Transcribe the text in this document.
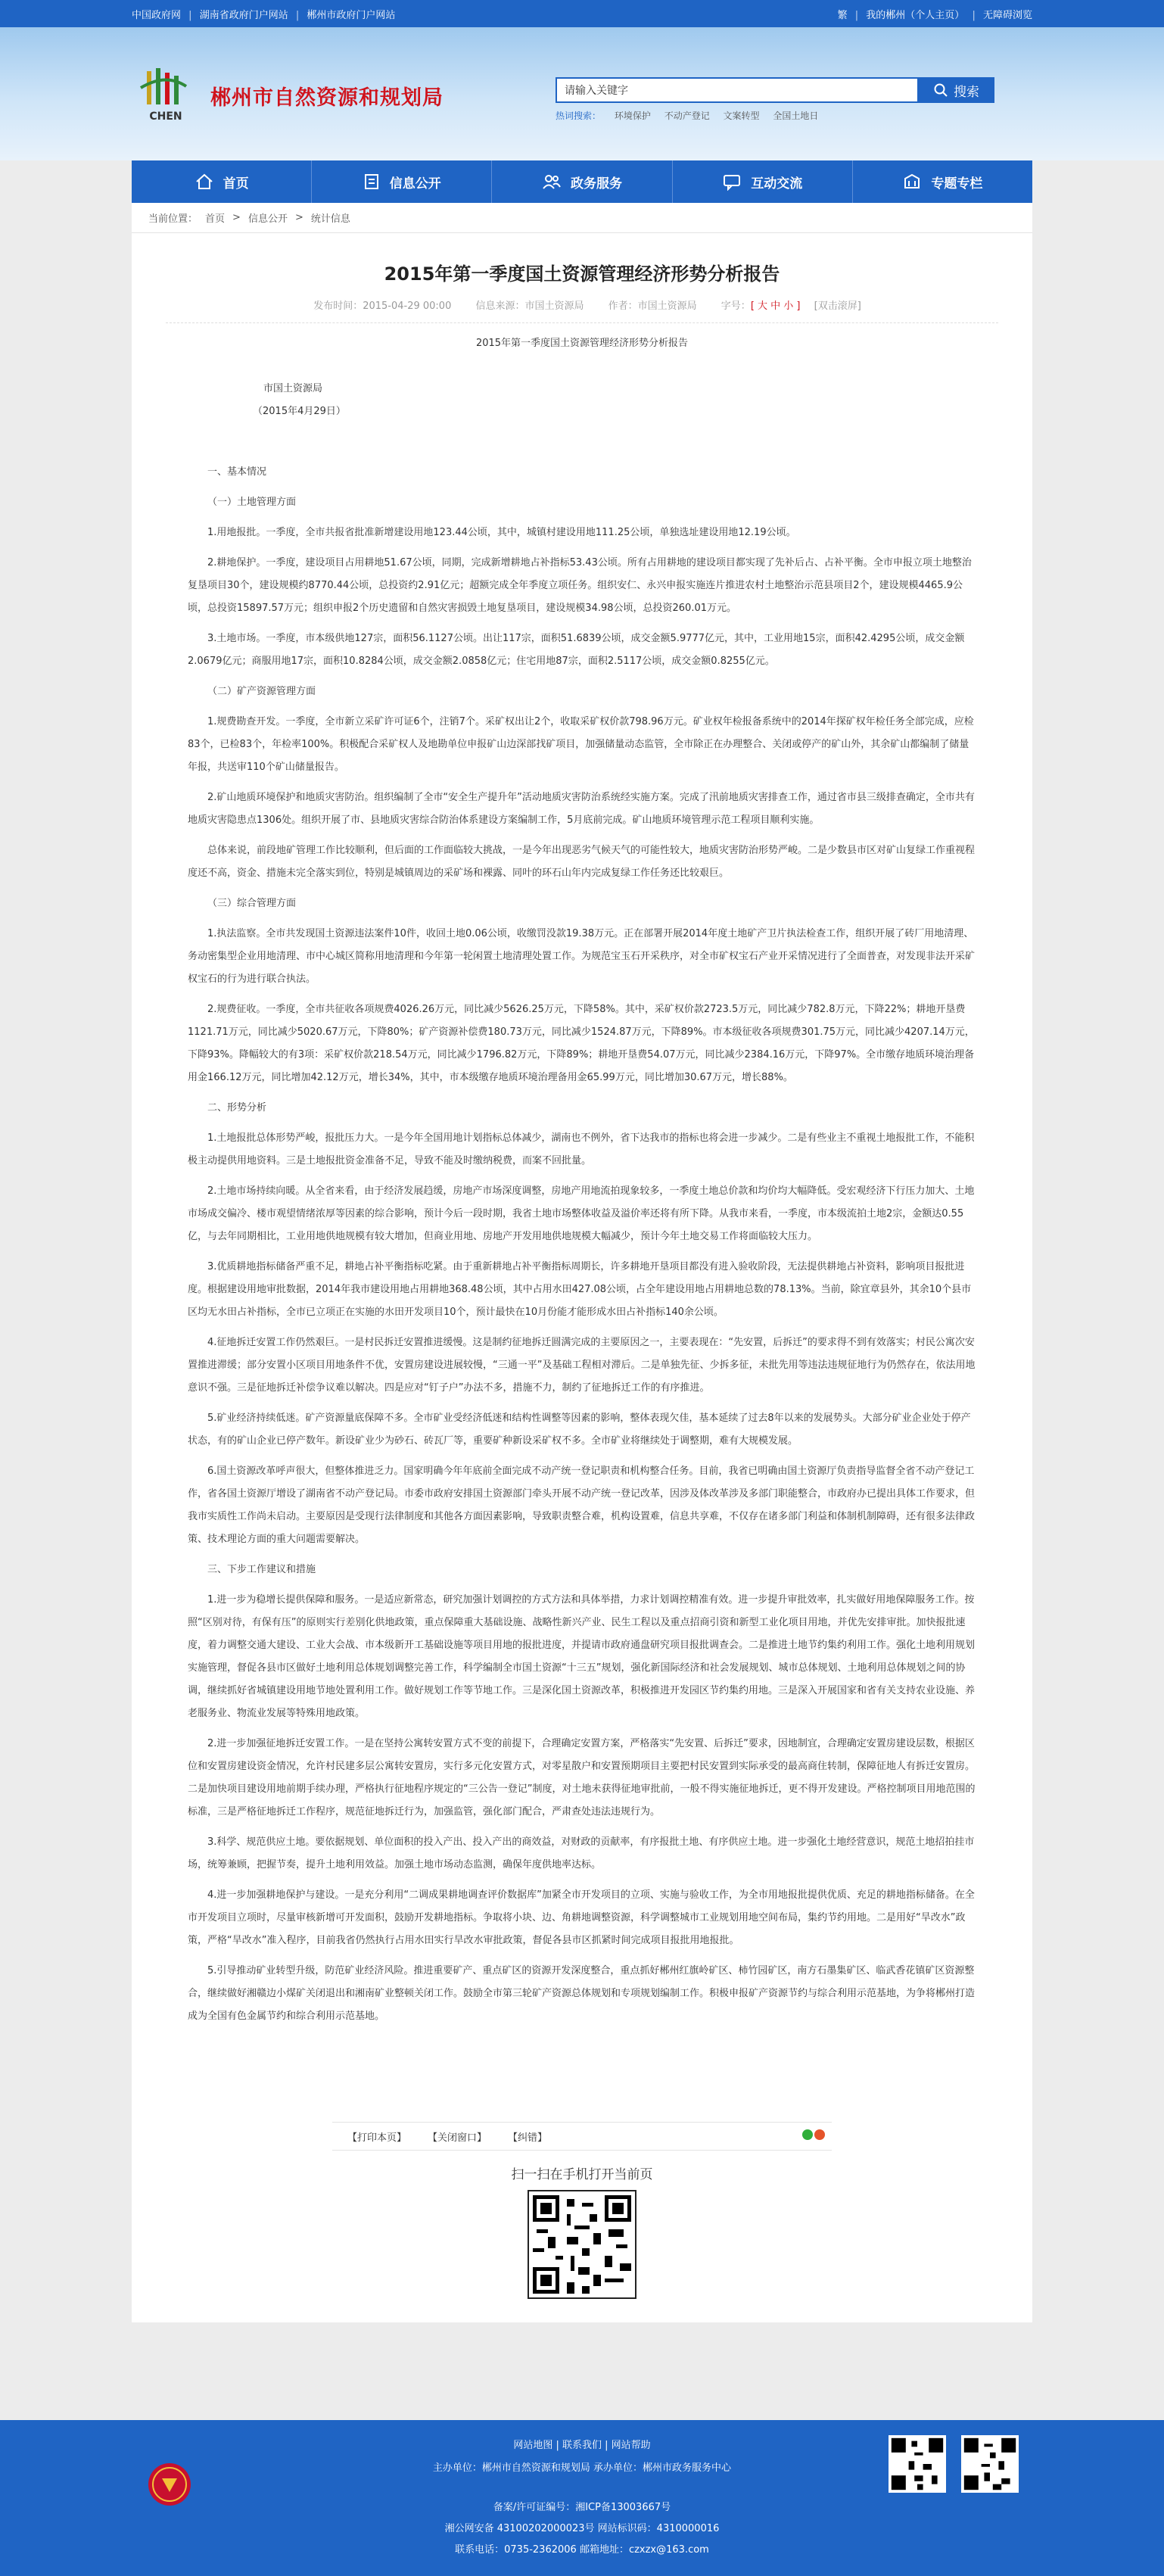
中国政府网 | 湖南省政府门户网站 | 郴州市政府门户网站	繁 | 我的郴州（个人主页） | 无障碍浏览
CHEN
郴州市自然资源和规划局
请输入关键字	搜索
热词搜索： 环境保护 不动产登记 文案转型 全国土地日
首页	信息公开	政务服务	互动交流	专题专栏
当前位置： 首页 > 信息公开 > 统计信息
2015年第一季度国土资源管理经济形势分析报告
发布时间：2015-04-29 00:00 信息来源：市国土资源局 作者：市国土资源局 字号：[ 大 中 小 ] [双击滚屏]

2015年第一季度国土资源管理经济形势分析报告

市国土资源局

（2015年4月29日）

一、基本情况

（一）土地管理方面

1.用地报批。一季度，全市共报省批准新增建设用地123.44公顷，其中，城镇村建设用地111.25公顷，单独选址建设用地12.19公顷。

2.耕地保护。一季度，建设项目占用耕地51.67公顷，同期，完成新增耕地占补指标53.43公顷。所有占用耕地的建设项目都实现了先补后占、占补平衡。全市申报立项土地整治复垦项目30个，建设规模约8770.44公顷，总投资约2.91亿元；超额完成全年季度立项任务。组织安仁、永兴申报实施连片推进农村土地整治示范县项目2个，建设规模4465.9公顷，总投资15897.57万元；组织申报2个历史遗留和自然灾害损毁土地复垦项目，建设规模34.98公顷，总投资260.01万元。

3.土地市场。一季度，市本级供地127宗，面积56.1127公顷。出让117宗，面积51.6839公顷，成交金额5.9777亿元，其中，工业用地15宗，面积42.4295公顷，成交金额2.0679亿元；商服用地17宗，面积10.8284公顷，成交金额2.0858亿元；住宅用地87宗，面积2.5117公顷，成交金额0.8255亿元。

（二）矿产资源管理方面

1.规费勘查开发。一季度，全市新立采矿许可证6个，注销7个。采矿权出让2个，收取采矿权价款798.96万元。矿业权年检报备系统中的2014年探矿权年检任务全部完成，应检83个，已检83个，年检率100%。积极配合采矿权人及地勘单位申报矿山边深部找矿项目，加强储量动态监管，全市除正在办理整合、关闭或停产的矿山外，其余矿山都编制了储量年报，共送审110个矿山储量报告。

2.矿山地质环境保护和地质灾害防治。组织编制了全市“安全生产提升年”活动地质灾害防治系统经实施方案。完成了汛前地质灾害排查工作，通过省市县三级排查确定，全市共有地质灾害隐患点1306处。组织开展了市、县地质灾害综合防治体系建设方案编制工作，5月底前完成。矿山地质环境管理示范工程项目顺利实施。

总体来说，前段地矿管理工作比较顺利，但后面的工作面临较大挑战，一是今年出现恶劣气候天气的可能性较大，地质灾害防治形势严峻。二是少数县市区对矿山复绿工作重视程度还不高，资金、措施未完全落实到位，特别是城镇周边的采矿场和裸露、同叶的环石山年内完成复绿工作任务还比较艰巨。

（三）综合管理方面

1.执法监察。全市共发现国土资源违法案件10件，收回土地0.06公顷，收缴罚没款19.38万元。正在部署开展2014年度土地矿产卫片执法检查工作，组织开展了砖厂用地清理、务动密集型企业用地清理、市中心城区简称用地清理和今年第一轮闲置土地清理处置工作。为规范宝玉石开采秩序，对全市矿权宝石产业开采情况进行了全面普查，对发现非法开采矿权宝石的行为进行联合执法。

2.规费征收。一季度，全市共征收各项规费4026.26万元，同比减少5626.25万元，下降58%。其中，采矿权价款2723.5万元，同比减少782.8万元，下降22%；耕地开垦费1121.71万元，同比减少5020.67万元，下降80%；矿产资源补偿费180.73万元，同比减少1524.87万元，下降89%。市本级征收各项规费301.75万元，同比减少4207.14万元，下降93%。降幅较大的有3项：采矿权价款218.54万元，同比减少1796.82万元，下降89%；耕地开垦费54.07万元，同比减少2384.16万元，下降97%。全市缴存地质环境治理备用金166.12万元，同比增加42.12万元，增长34%，其中，市本级缴存地质环境治理备用金65.99万元，同比增加30.67万元，增长88%。

二、形势分析

1.土地报批总体形势严峻，报批压力大。一是今年全国用地计划指标总体减少，湖南也不例外，省下达我市的指标也将会进一步减少。二是有些业主不重视土地报批工作，不能积极主动提供用地资料。三是土地报批资金准备不足，导致不能及时缴纳税费，而案不回批量。

2.土地市场持续向暖。从全省来看，由于经济发展趋缓，房地产市场深度调整，房地产用地流拍现象较多，一季度土地总价款和均价均大幅降低。受宏观经济下行压力加大、土地市场成交偏冷、楼市观望情绪浓厚等因素的综合影响，预计今后一段时期，我省土地市场整体收益及溢价率还将有所下降。从我市来看，一季度，市本级流拍土地2宗，金额达0.55亿，与去年同期相比，工业用地供地规模有较大增加，但商业用地、房地产开发用地供地规模大幅减少，预计今年土地交易工作将面临较大压力。

3.优质耕地指标储备严重不足，耕地占补平衡指标吃紧。由于重新耕地占补平衡指标周期长，许多耕地开垦项目都没有进入验收阶段，无法提供耕地占补资料，影响项目报批进度。根据建设用地审批数据，2014年我市建设用地占用耕地368.48公顷，其中占用水田427.08公顷，占全年建设用地占用耕地总数的78.13%。当前，除宜章县外，其余10个县市区均无水田占补指标，全市已立项正在实施的水田开发项目10个，预计最快在10月份能才能形成水田占补指标140余公顷。

4.征地拆迁安置工作仍然艰巨。一是村民拆迁安置推进缓慢。这是制约征地拆迁圆满完成的主要原因之一，主要表现在：“先安置，后拆迁”的要求得不到有效落实；村民公寓次安置推进滞缓；部分安置小区项目用地条件不优，安置房建设进展较慢，“三通一平”及基础工程相对滞后。二是单独先征、少拆多征，未批先用等违法违规征地行为仍然存在，依法用地意识不强。三是征地拆迁补偿争议难以解决。四是应对“钉子户”办法不多，措施不力，制约了征地拆迁工作的有序推进。

5.矿业经济持续低迷。矿产资源量底保障不多。全市矿业受经济低迷和结构性调整等因素的影响，整体表现欠佳，基本延续了过去8年以来的发展势头。大部分矿业企业处于停产状态，有的矿山企业已停产数年。新设矿业少为砂石、砖瓦厂等，重要矿种新设采矿权不多。全市矿业将继续处于调整期，难有大规模发展。

6.国土资源改革呼声很大，但整体推进乏力。国家明确今年年底前全面完成不动产统一登记职责和机构整合任务。目前，我省已明确由国土资源厅负责指导监督全省不动产登记工作，省各国土资源厅增设了湖南省不动产登记局。市委市政府安排国土资源部门牵头开展不动产统一登记改革，因涉及体改革涉及多部门职能整合，市政府办已提出具体工作要求，但我市实质性工作尚未启动。主要原因是受现行法律制度和其他各方面因素影响，导致职责整合难，机构设置难，信息共享难，不仅存在诸多部门利益和体制机制障碍，还有很多法律政策、技术理论方面的重大问题需要解决。

三、下步工作建议和措施

1.进一步为稳增长提供保障和服务。一是适应新常态，研究加强计划调控的方式方法和具体举措，力求计划调控精准有效。进一步提升审批效率，扎实做好用地保障服务工作。按照“区别对待，有保有压”的原则实行差别化供地政策，重点保障重大基础设施、战略性新兴产业、民生工程以及重点招商引资和新型工业化项目用地，并优先安排审批。加快报批速度，着力调整交通大建设、工业大会战、市本级新开工基础设施等项目用地的报批进度，并提请市政府通盘研究项目报批调查会。二是推进土地节约集约利用工作。强化土地利用规划实施管理，督促各县市区做好土地利用总体规划调整完善工作，科学编制全市国土资源“十三五”规划，强化新国际经济和社会发展规划、城市总体规划、土地利用总体规划之间的协调，继续抓好省城镇建设用地节地处置利用工作。做好规划工作等节地工作。三是深化国土资源改革，积极推进开发园区节约集约用地。三是深入开展国家和省有关支持农业设施、养老服务业、物流业发展等特殊用地政策。

2.进一步加强征地拆迁安置工作。一是在坚持公寓转安置方式不变的前提下，合理确定安置方案，严格落实“先安置、后拆迁”要求，因地制宜，合理确定安置房建设层数，根据区位和安置房建设资金情况，允许村民建多层公寓转安置房，实行多元化安置方式，对零星散户和安置预期项目主要把村民安置到实际承受的最高商住转制，保障征地人有拆迁安置房。二是加快项目建设用地前期手续办理，严格执行征地程序规定的“三公告一登记”制度，对土地未获得征地审批前，一般不得实施征地拆迁，更不得开发建设。严格控制项目用地范围的标准，三是严格征地拆迁工作程序，规范征地拆迁行为，加强监管，强化部门配合，严肃查处违法违规行为。

3.科学、规范供应土地。要依据规划、单位面积的投入产出、投入产出的商效益，对财政的贡献率，有序报批土地、有序供应土地。进一步强化土地经营意识，规范土地招拍挂市场，统筹兼顾，把握节奏，提升土地利用效益。加强土地市场动态监测，确保年度供地率达标。

4.进一步加强耕地保护与建设。一是充分利用“二调成果耕地调查评价数据库”加紧全市开发项目的立项、实施与验收工作，为全市用地报批提供优质、充足的耕地指标储备。在全市开发项目立项时，尽量审核新增可开发面积，鼓励开发耕地指标。争取将小块、边、角耕地调整资源，科学调整城市工业规划用地空间布局，集约节约用地。二是用好“旱改水”政策，严格“旱改水”准入程序，目前我省仍然执行占用水田实行旱改水审批政策，督促各县市区抓紧时间完成项目报批用地报批。

5.引导推动矿业转型升级，防范矿业经济风险。推进重要矿产、重点矿区的资源开发深度整合，重点抓好郴州红旗岭矿区、柿竹园矿区，南方石墨集矿区、临武香花镇矿区资源整合，继续做好湘赣边小煤矿关闭退出和湘南矿业整顿关闭工作。鼓励全市第三轮矿产资源总体规划和专项规划编制工作。积极申报矿产资源节约与综合利用示范基地，为争将郴州打造成为全国有色金属节约和综合利用示范基地。

【打印本页】 【关闭窗口】 【纠错】
扫一扫在手机打开当前页
网站地图 | 联系我们 | 网站帮助
主办单位：郴州市自然资源和规划局 承办单位：郴州市政务服务中心
备案/许可证编号：湘ICP备13003667号
湘公网安备 43100202000023号 网站标识码：4310000016
联系电话：0735-2362006 邮箱地址：czxzx@163.com
